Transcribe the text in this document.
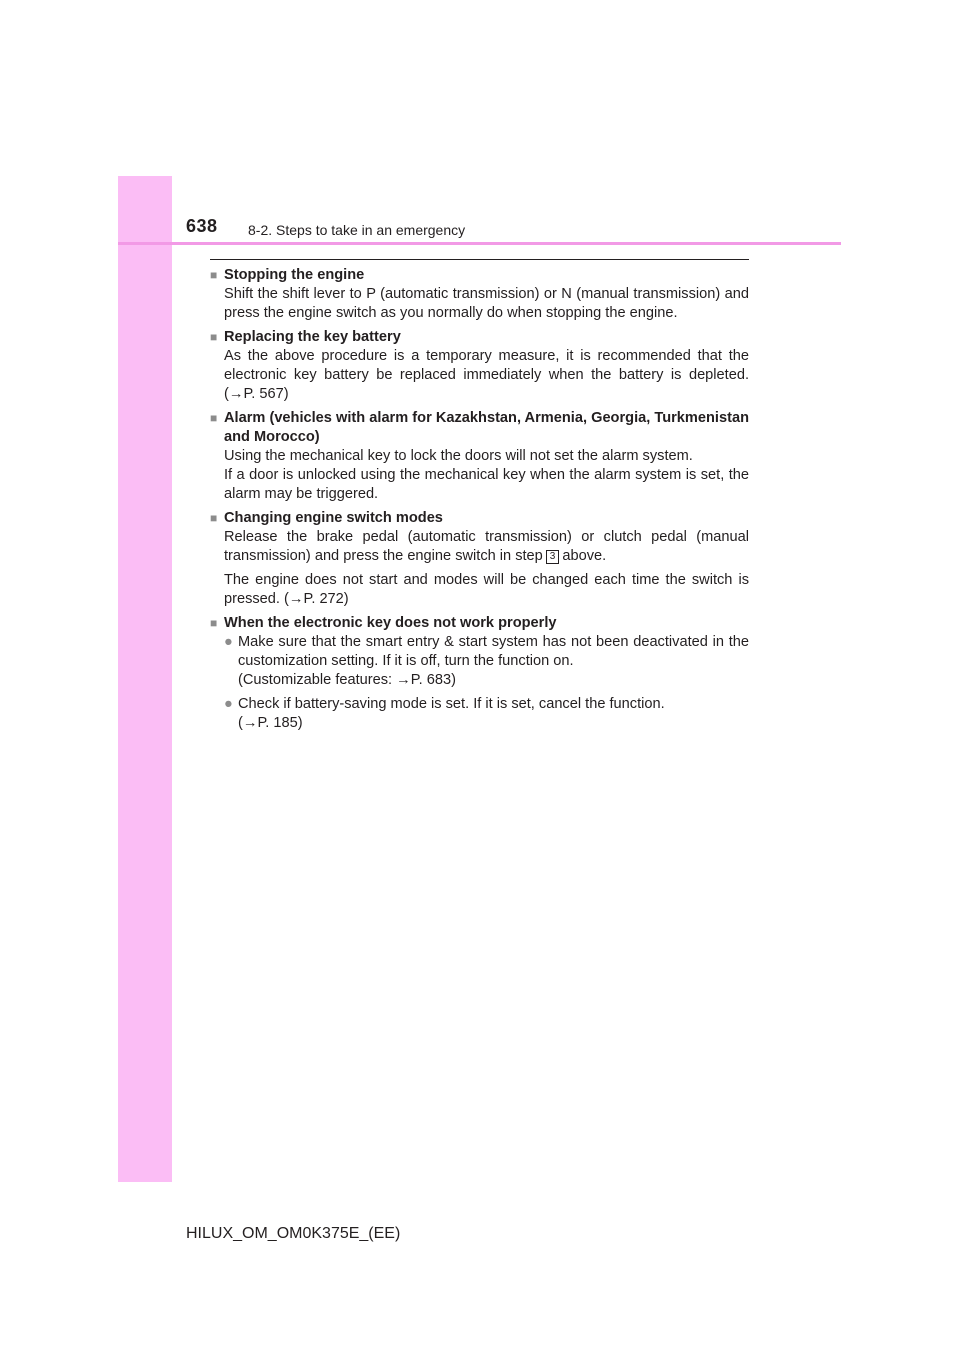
638 8-2. Steps to take in an emergency
■ Stopping the engine

Shift the shift lever to P (automatic transmission) or N (manual transmission) and press the engine switch as you normally do when stopping the engine.

■ Replacing the key battery

As the above procedure is a temporary measure, it is recommended that the electronic key battery be replaced immediately when the battery is depleted. (→P. 567)

■ Alarm (vehicles with alarm for Kazakhstan, Armenia, Georgia, Turkmenistan and Morocco)

Using the mechanical key to lock the doors will not set the alarm system.

If a door is unlocked using the mechanical key when the alarm system is set, the alarm may be triggered.

■ Changing engine switch modes

Release the brake pedal (automatic transmission) or clutch pedal (manual transmission) and press the engine switch in step 3 above.

The engine does not start and modes will be changed each time the switch is pressed. (→P. 272)

■ When the electronic key does not work properly
● Make sure that the smart entry & start system has not been deactivated in the customization setting. If it is off, turn the function on.
(Customizable features: →P. 683)
● Check if battery-saving mode is set. If it is set, cancel the function.
(→P. 185)
HILUX_OM_OM0K375E_(EE)
